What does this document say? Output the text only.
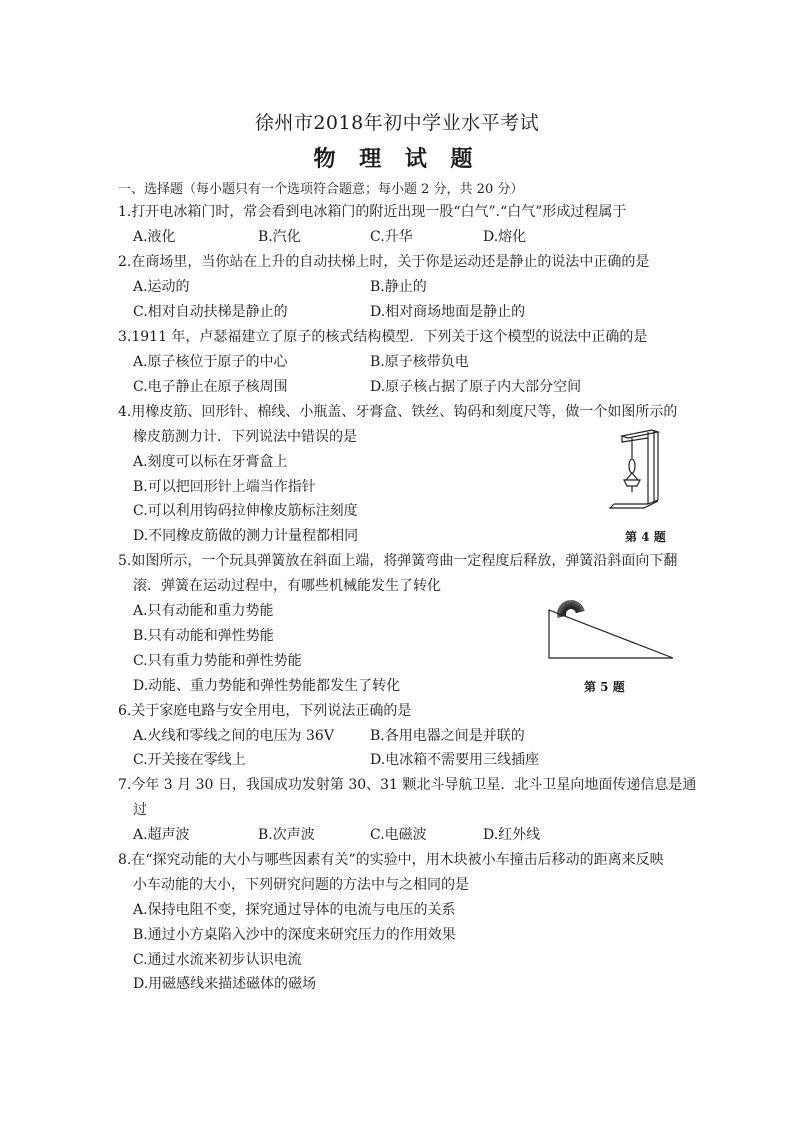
徐州市2018年初中学业水平考试
物 理 试 题
一、选择题（每小题只有一个选项符合题意；每小题 2 分，共 20 分）
1.打开电冰箱门时，常会看到电冰箱门的附近出现一股“白气”.“白气”形成过程属于
A.液化	B.汽化	C.升华	D.熔化
2.在商场里，当你站在上升的自动扶梯上时，关于你是运动还是静止的说法中正确的是
A.运动的	B.静止的
C.相对自动扶梯是静止的	D.相对商场地面是静止的
3.1911 年，卢瑟福建立了原子的核式结构模型．下列关于这个模型的说法中正确的是
A.原子核位于原子的中心	B.原子核带负电
C.电子静止在原子核周围	D.原子核占据了原子内大部分空间
4.用橡皮筋、回形针、棉线、小瓶盖、牙膏盒、铁丝、钩码和刻度尺等，做一个如图所示的
橡皮筋测力计．下列说法中错误的是
A.刻度可以标在牙膏盒上
B.可以把回形针上端当作指针
C.可以利用钩码拉伸橡皮筋标注刻度
D.不同橡皮筋做的测力计量程都相同	第 4 题
5.如图所示，一个玩具弹簧放在斜面上端，将弹簧弯曲一定程度后释放，弹簧沿斜面向下翻
滚．弹簧在运动过程中，有哪些机械能发生了转化
A.只有动能和重力势能
B.只有动能和弹性势能
C.只有重力势能和弹性势能
D.动能、重力势能和弹性势能都发生了转化	第 5 题
6.关于家庭电路与安全用电，下列说法正确的是
A.火线和零线之间的电压为 36V	B.各用电器之间是并联的
C.开关接在零线上	D.电冰箱不需要用三线插座
7.今年 3 月 30 日，我国成功发射第 30、31 颗北斗导航卫星．北斗卫星向地面传递信息是通
过
A.超声波	B.次声波	C.电磁波	D.红外线
8.在“探究动能的大小与哪些因素有关”的实验中，用木块被小车撞击后移动的距离来反映
小车动能的大小，下列研究问题的方法中与之相同的是
A.保持电阻不变，探究通过导体的电流与电压的关系
B.通过小方桌陷入沙中的深度来研究压力的作用效果
C.通过水流来初步认识电流
D.用磁感线来描述磁体的磁场
